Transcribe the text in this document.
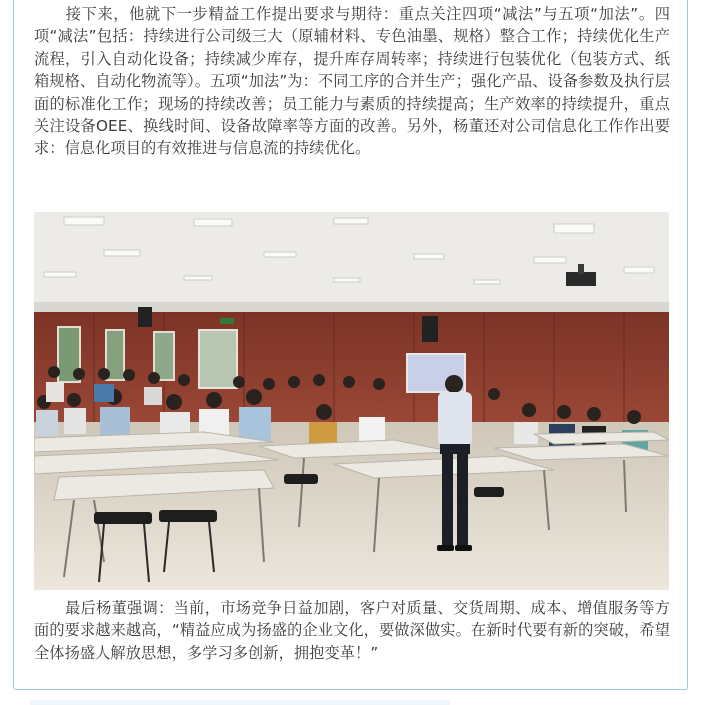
　　接下来，他就下一步精益工作提出要求与期待：重点关注四项“减法”与五项“加法”。四项“减法”包括：持续进行公司级三大（原辅材料、专色油墨、规格）整合工作；持续优化生产流程，引入自动化设备；持续减少库存，提升库存周转率；持续进行包装优化（包装方式、纸箱规格、自动化物流等）。五项“加法”为：不同工序的合并生产；强化产品、设备参数及执行层面的标准化工作；现场的持续改善；员工能力与素质的持续提高；生产效率的持续提升，重点关注设备OEE、换线时间、设备故障率等方面的改善。另外，杨董还对公司信息化工作作出要求：信息化项目的有效推进与信息流的持续优化。

　　最后杨董强调：当前，市场竞争日益加剧，客户对质量、交货周期、成本、增值服务等方面的要求越来越高，“精益应成为扬盛的企业文化，要做深做实。在新时代要有新的突破，希望全体扬盛人解放思想，多学习多创新，拥抱变革！”
